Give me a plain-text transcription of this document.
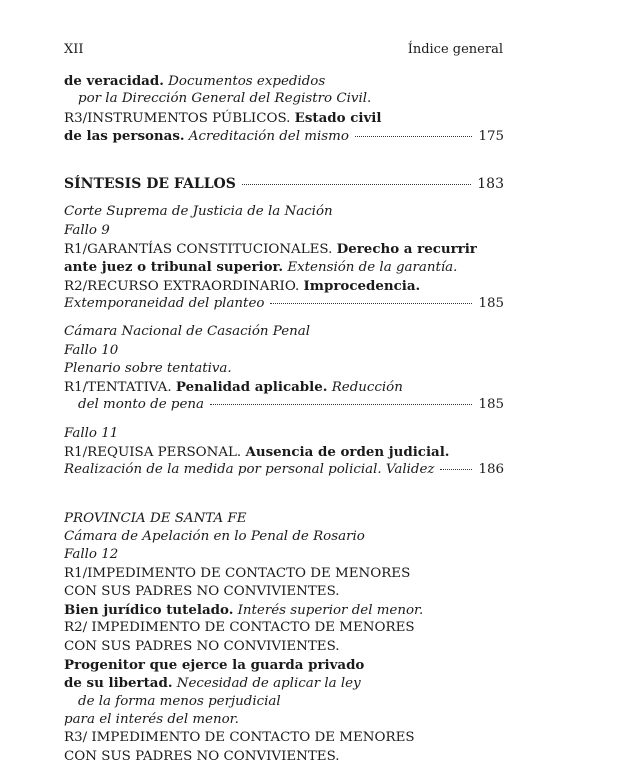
XII	Índice general
de veracidad. Documentos expedidos
por la Dirección General del Registro Civil.
R3/INSTRUMENTOS PÚBLICOS. Estado civil
de las personas. Acreditación del mismo	175
SÍNTESIS DE FALLOS	183
Corte Suprema de Justicia de la Nación
Fallo 9
R1/GARANTÍAS CONSTITUCIONALES. Derecho a recurrir
ante juez o tribunal superior. Extensión de la garantía.
R2/RECURSO EXTRAORDINARIO. Improcedencia.
Extemporaneidad del planteo	185
Cámara Nacional de Casación Penal
Fallo 10
Plenario sobre tentativa.
R1/TENTATIVA. Penalidad aplicable. Reducción
del monto de pena	185
Fallo 11
R1/REQUISA PERSONAL. Ausencia de orden judicial.
Realización de la medida por personal policial. Validez	186
PROVINCIA DE SANTA FE
Cámara de Apelación en lo Penal de Rosario
Fallo 12
R1/IMPEDIMENTO DE CONTACTO DE MENORES
CON SUS PADRES NO CONVIVIENTES.
Bien jurídico tutelado. Interés superior del menor.
R2/ IMPEDIMENTO DE CONTACTO DE MENORES
CON SUS PADRES NO CONVIVIENTES.
Progenitor que ejerce la guarda privado
de su libertad. Necesidad de aplicar la ley
de la forma menos perjudicial
para el interés del menor.
R3/ IMPEDIMENTO DE CONTACTO DE MENORES
CON SUS PADRES NO CONVIVIENTES.
